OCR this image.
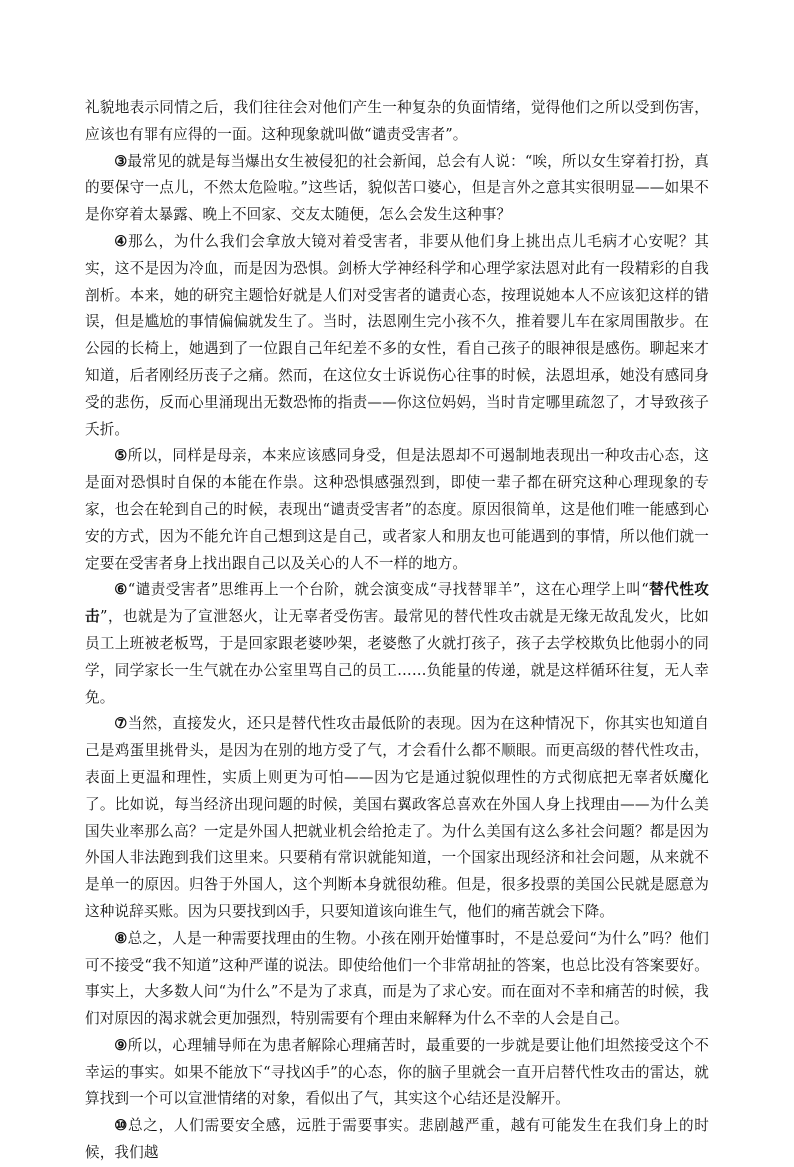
礼貌地表示同情之后，我们往往会对他们产生一种复杂的负面情绪，觉得他们之所以受到伤害，应该也有罪有应得的一面。这种现象就叫做“谴责受害者”。

③最常见的就是每当爆出女生被侵犯的社会新闻，总会有人说：“唉，所以女生穿着打扮，真的要保守一点儿，不然太危险啦。”这些话，貌似苦口婆心，但是言外之意其实很明显——如果不是你穿着太暴露、晚上不回家、交友太随便，怎么会发生这种事？

④那么，为什么我们会拿放大镜对着受害者，非要从他们身上挑出点儿毛病才心安呢？其实，这不是因为冷血，而是因为恐惧。剑桥大学神经科学和心理学家法恩对此有一段精彩的自我剖析。本来，她的研究主题恰好就是人们对受害者的谴责心态，按理说她本人不应该犯这样的错误，但是尴尬的事情偏偏就发生了。当时，法恩刚生完小孩不久，推着婴儿车在家周围散步。在公园的长椅上，她遇到了一位跟自己年纪差不多的女性，看自己孩子的眼神很是感伤。聊起来才知道，后者刚经历丧子之痛。然而，在这位女士诉说伤心往事的时候，法恩坦承，她没有感同身受的悲伤，反而心里涌现出无数恐怖的指责——你这位妈妈，当时肯定哪里疏忽了，才导致孩子夭折。

⑤所以，同样是母亲，本来应该感同身受，但是法恩却不可遏制地表现出一种攻击心态，这是面对恐惧时自保的本能在作祟。这种恐惧感强烈到，即使一辈子都在研究这种心理现象的专家，也会在轮到自己的时候，表现出“谴责受害者”的态度。原因很简单，这是他们唯一能感到心安的方式，因为不能允许自己想到这是自己，或者家人和朋友也可能遇到的事情，所以他们就一定要在受害者身上找出跟自己以及关心的人不一样的地方。

⑥“谴责受害者”思维再上一个台阶，就会演变成“寻找替罪羊”，这在心理学上叫“替代性攻击”，也就是为了宣泄怒火，让无辜者受伤害。最常见的替代性攻击就是无缘无故乱发火，比如员工上班被老板骂，于是回家跟老婆吵架，老婆憋了火就打孩子，孩子去学校欺负比他弱小的同学，同学家长一生气就在办公室里骂自己的员工……负能量的传递，就是这样循环往复，无人幸免。

⑦当然，直接发火，还只是替代性攻击最低阶的表现。因为在这种情况下，你其实也知道自己是鸡蛋里挑骨头，是因为在别的地方受了气，才会看什么都不顺眼。而更高级的替代性攻击，表面上更温和理性，实质上则更为可怕——因为它是通过貌似理性的方式彻底把无辜者妖魔化了。比如说，每当经济出现问题的时候，美国右翼政客总喜欢在外国人身上找理由——为什么美国失业率那么高？一定是外国人把就业机会给抢走了。为什么美国有这么多社会问题？都是因为外国人非法跑到我们这里来。只要稍有常识就能知道，一个国家出现经济和社会问题，从来就不是单一的原因。归咎于外国人，这个判断本身就很幼稚。但是，很多投票的美国公民就是愿意为这种说辞买账。因为只要找到凶手，只要知道该向谁生气，他们的痛苦就会下降。

⑧总之，人是一种需要找理由的生物。小孩在刚开始懂事时，不是总爱问“为什么”吗？他们可不接受“我不知道”这种严谨的说法。即使给他们一个非常胡扯的答案，也总比没有答案要好。事实上，大多数人问“为什么”不是为了求真，而是为了求心安。而在面对不幸和痛苦的时候，我们对原因的渴求就会更加强烈，特别需要有个理由来解释为什么不幸的人会是自己。

⑨所以，心理辅导师在为患者解除心理痛苦时，最重要的一步就是要让他们坦然接受这个不幸运的事实。如果不能放下“寻找凶手”的心态，你的脑子里就会一直开启替代性攻击的雷达，就算找到一个可以宣泄情绪的对象，看似出了气，其实这个心结还是没解开。

⑩总之，人们需要安全感，远胜于需要事实。悲剧越严重，越有可能发生在我们身上的时候，我们越
